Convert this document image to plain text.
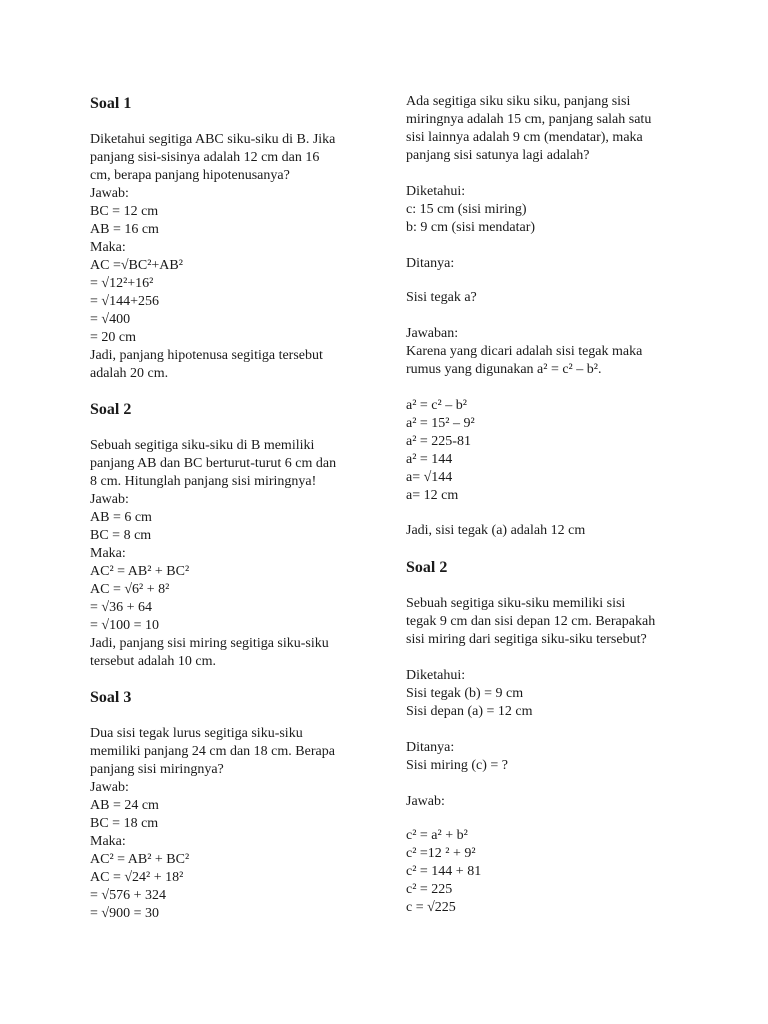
Soal 1
Diketahui segitiga ABC siku-siku di B. Jika
panjang sisi-sisinya adalah 12 cm dan 16
cm, berapa panjang hipotenusanya?
Jawab:
BC = 12 cm
AB = 16 cm
Maka:
AC =√BC²+AB²
= √12²+16²
= √144+256
= √400
= 20 cm
Jadi, panjang hipotenusa segitiga tersebut
adalah 20 cm.
Soal 2
Sebuah segitiga siku-siku di B memiliki
panjang AB dan BC berturut-turut 6 cm dan
8 cm. Hitunglah panjang sisi miringnya!
Jawab:
AB = 6 cm
BC = 8 cm
Maka:
AC² = AB² + BC²
AC = √6² + 8²
= √36 + 64
= √100 = 10
Jadi, panjang sisi miring segitiga siku-siku
tersebut adalah 10 cm.
Soal 3
Dua sisi tegak lurus segitiga siku-siku
memiliki panjang 24 cm dan 18 cm. Berapa
panjang sisi miringnya?
Jawab:
AB = 24 cm
BC = 18 cm
Maka:
AC² = AB² + BC²
AC = √24² + 18²
= √576 + 324
= √900 = 30
Ada segitiga siku siku siku, panjang sisi
miringnya adalah 15 cm, panjang salah satu
sisi lainnya adalah 9 cm (mendatar), maka
panjang sisi satunya lagi adalah?
Diketahui:
c: 15 cm (sisi miring)
b: 9 cm (sisi mendatar)
Ditanya:
Sisi tegak a?
Jawaban:
Karena yang dicari adalah sisi tegak maka
rumus yang digunakan a² = c² – b².
a² = c² – b²
a² = 15² – 9²
a² = 225-81
a² = 144
a= √144
a= 12 cm
Jadi, sisi tegak (a) adalah 12 cm
Soal 2
Sebuah segitiga siku-siku memiliki sisi
tegak 9 cm dan sisi depan 12 cm. Berapakah
sisi miring dari segitiga siku-siku tersebut?
Diketahui:
Sisi tegak (b) = 9 cm
Sisi depan (a) = 12 cm
Ditanya:
Sisi miring (c) = ?
Jawab:
c² = a² + b²
c² =12 ² + 9²
c² = 144 + 81
c² = 225
c = √225
